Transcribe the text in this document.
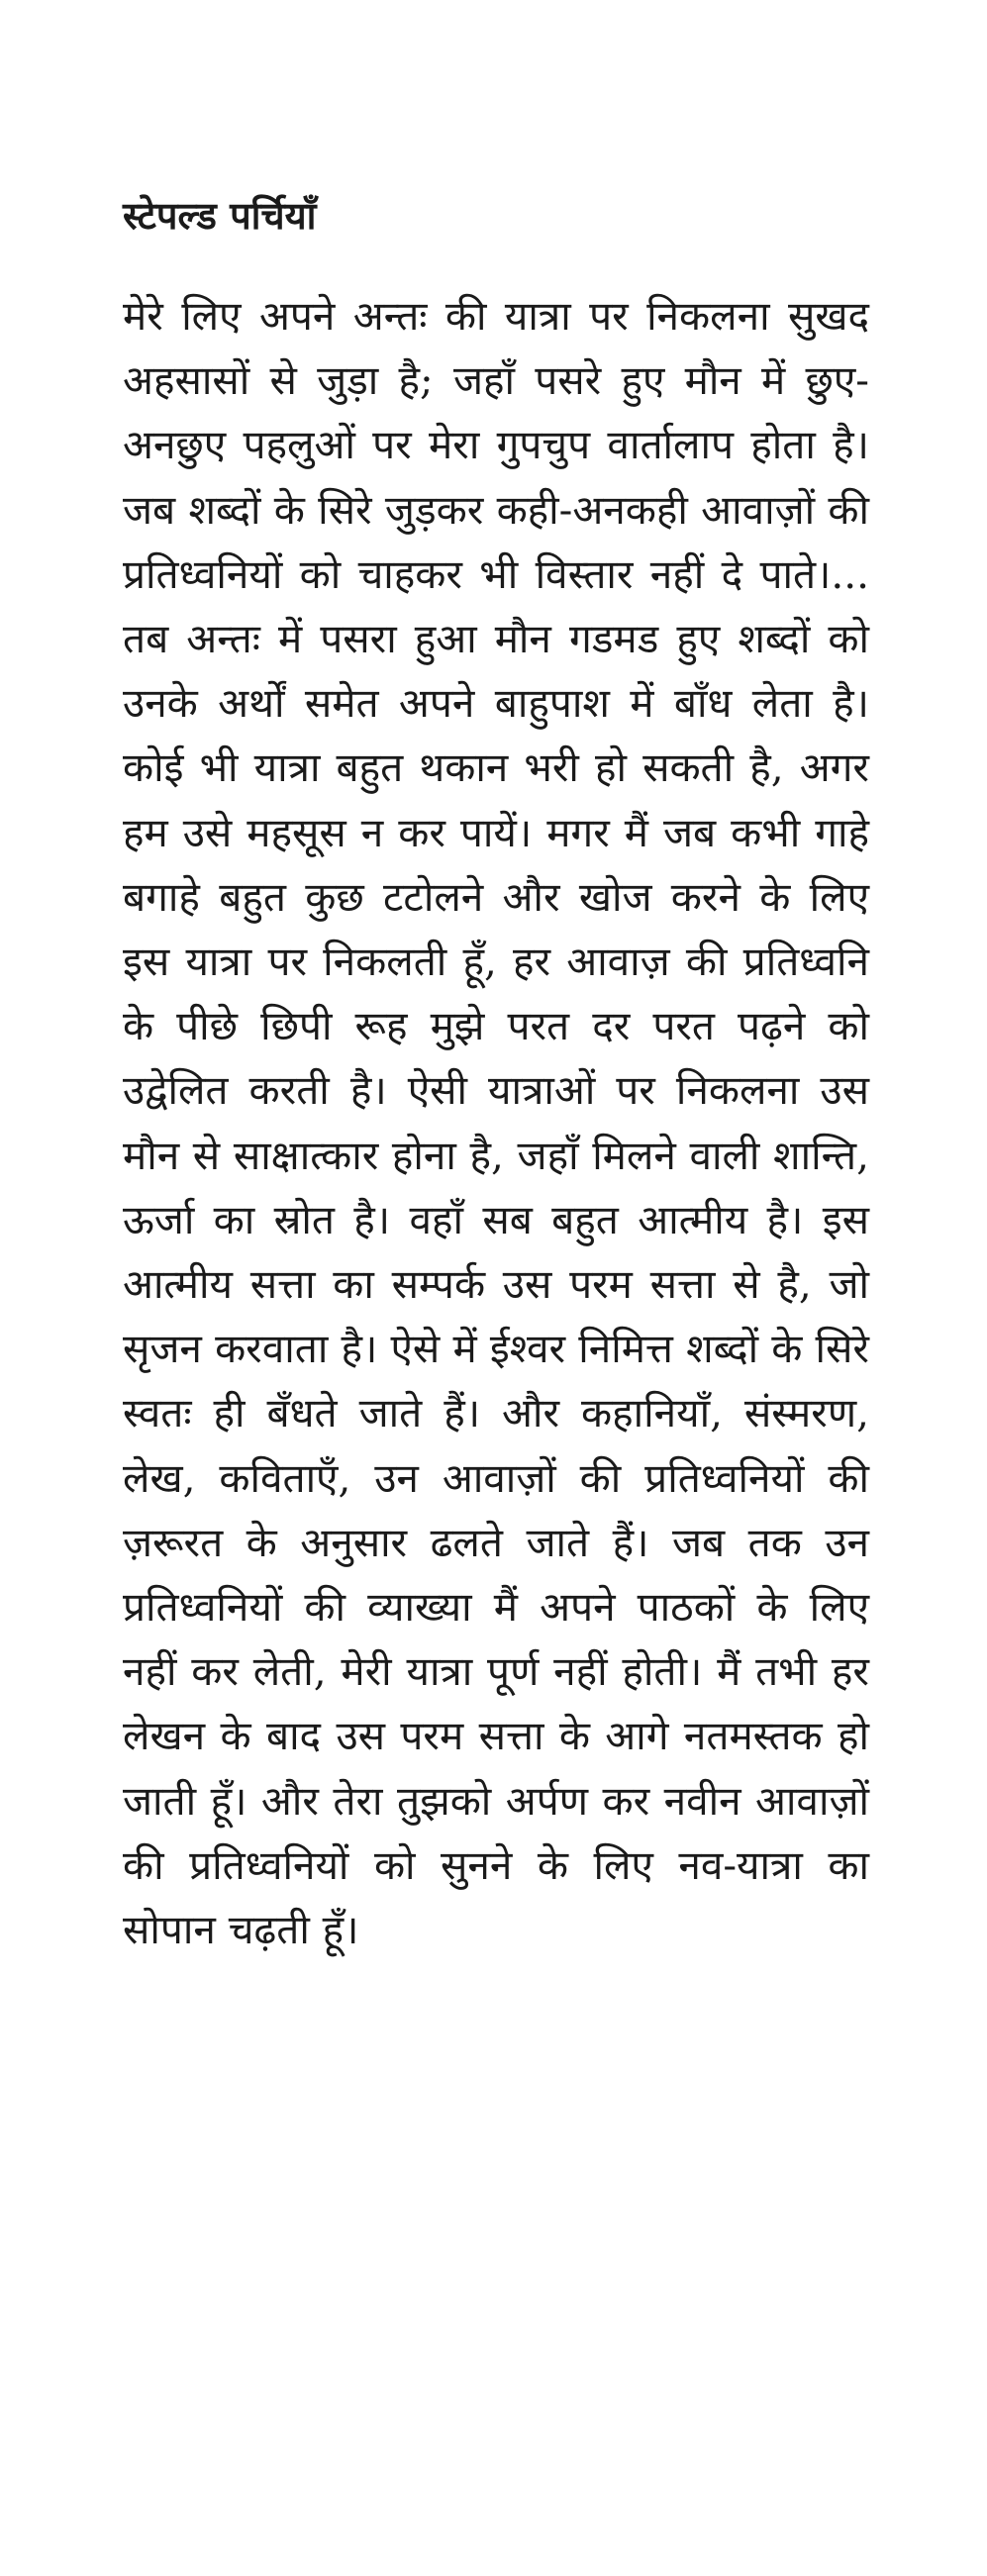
स्टेपल्ड पर्चियाँ

मेरे लिए अपने अन्तः की यात्रा पर निकलना सुखद अहसासों से जुड़ा है; जहाँ पसरे हुए मौन में छुए-अनछुए पहलुओं पर मेरा गुपचुप वार्तालाप होता है। जब शब्दों के सिरे जुड़कर कही-अनकही आवाज़ों की प्रतिध्वनियों को चाहकर भी विस्तार नहीं दे पाते।... तब अन्तः में पसरा हुआ मौन गडमड हुए शब्दों को उनके अर्थों समेत अपने बाहुपाश में बाँध लेता है। कोई भी यात्रा बहुत थकान भरी हो सकती है, अगर हम उसे महसूस न कर पायें। मगर मैं जब कभी गाहे बगाहे बहुत कुछ टटोलने और खोज करने के लिए इस यात्रा पर निकलती हूँ, हर आवाज़ की प्रतिध्वनि के पीछे छिपी रूह मुझे परत दर परत पढ़ने को उद्वेलित करती है। ऐसी यात्राओं पर निकलना उस मौन से साक्षात्कार होना है, जहाँ मिलने वाली शान्ति, ऊर्जा का स्रोत है। वहाँ सब बहुत आत्मीय है। इस आत्मीय सत्ता का सम्पर्क उस परम सत्ता से है, जो सृजन करवाता है। ऐसे में ईश्वर निमित्त शब्दों के सिरे स्वतः ही बँधते जाते हैं। और कहानियाँ, संस्मरण, लेख, कविताएँ, उन आवाज़ों की प्रतिध्वनियों की ज़रूरत के अनुसार ढलते जाते हैं। जब तक उन प्रतिध्वनियों की व्याख्या मैं अपने पाठकों के लिए नहीं कर लेती, मेरी यात्रा पूर्ण नहीं होती। मैं तभी हर लेखन के बाद उस परम सत्ता के आगे नतमस्तक हो जाती हूँ। और तेरा तुझको अर्पण कर नवीन आवाज़ों की प्रतिध्वनियों को सुनने के लिए नव-यात्रा का सोपान चढ़ती हूँ।
